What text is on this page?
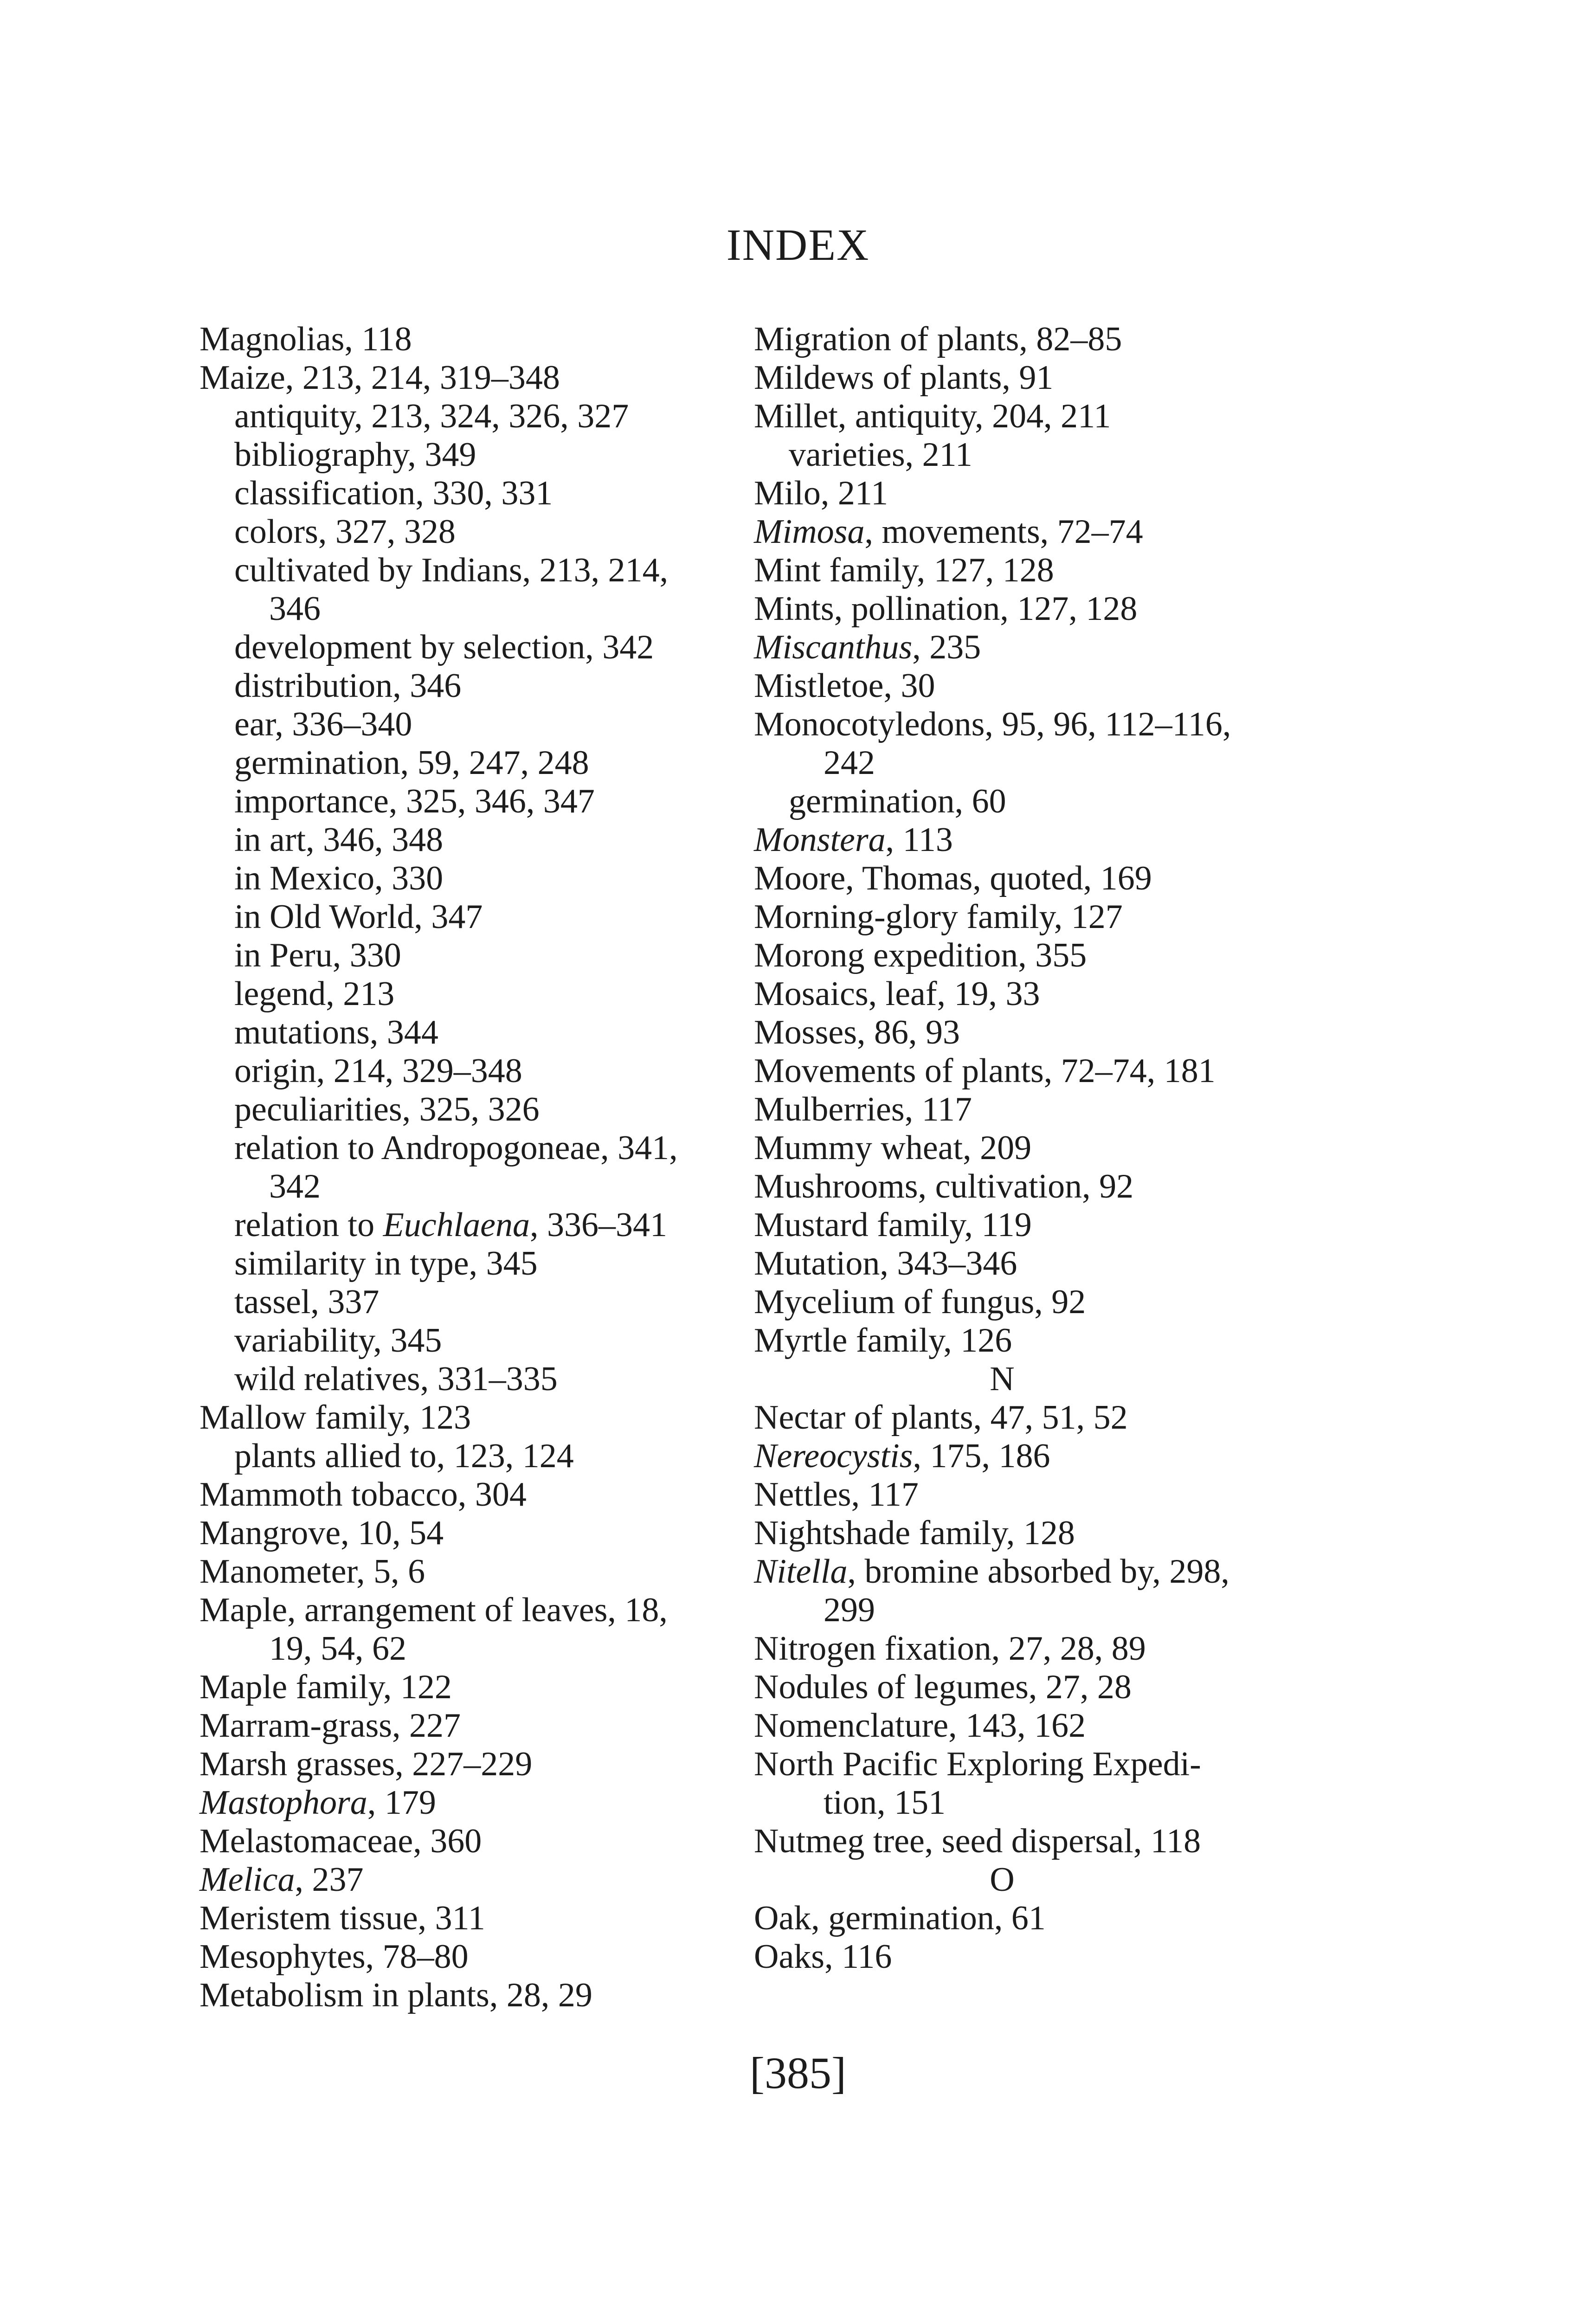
INDEX
Magnolias, 118
Maize, 213, 214, 319–348
antiquity, 213, 324, 326, 327
bibliography, 349
classification, 330, 331
colors, 327, 328
cultivated by Indians, 213, 214,
346
development by selection, 342
distribution, 346
ear, 336–340
germination, 59, 247, 248
importance, 325, 346, 347
in art, 346, 348
in Mexico, 330
in Old World, 347
in Peru, 330
legend, 213
mutations, 344
origin, 214, 329–348
peculiarities, 325, 326
relation to Andropogoneae, 341,
342
relation to Euchlaena, 336–341
similarity in type, 345
tassel, 337
variability, 345
wild relatives, 331–335
Mallow family, 123
plants allied to, 123, 124
Mammoth tobacco, 304
Mangrove, 10, 54
Manometer, 5, 6
Maple, arrangement of leaves, 18,
19, 54, 62
Maple family, 122
Marram-grass, 227
Marsh grasses, 227–229
Mastophora, 179
Melastomaceae, 360
Melica, 237
Meristem tissue, 311
Mesophytes, 78–80
Metabolism in plants, 28, 29
Migration of plants, 82–85
Mildews of plants, 91
Millet, antiquity, 204, 211
varieties, 211
Milo, 211
Mimosa, movements, 72–74
Mint family, 127, 128
Mints, pollination, 127, 128
Miscanthus, 235
Mistletoe, 30
Monocotyledons, 95, 96, 112–116,
242
germination, 60
Monstera, 113
Moore, Thomas, quoted, 169
Morning-glory family, 127
Morong expedition, 355
Mosaics, leaf, 19, 33
Mosses, 86, 93
Movements of plants, 72–74, 181
Mulberries, 117
Mummy wheat, 209
Mushrooms, cultivation, 92
Mustard family, 119
Mutation, 343–346
Mycelium of fungus, 92
Myrtle family, 126
N
Nectar of plants, 47, 51, 52
Nereocystis, 175, 186
Nettles, 117
Nightshade family, 128
Nitella, bromine absorbed by, 298,
299
Nitrogen fixation, 27, 28, 89
Nodules of legumes, 27, 28
Nomenclature, 143, 162
North Pacific Exploring Expedi-
tion, 151
Nutmeg tree, seed dispersal, 118
O
Oak, germination, 61
Oaks, 116
[385]
